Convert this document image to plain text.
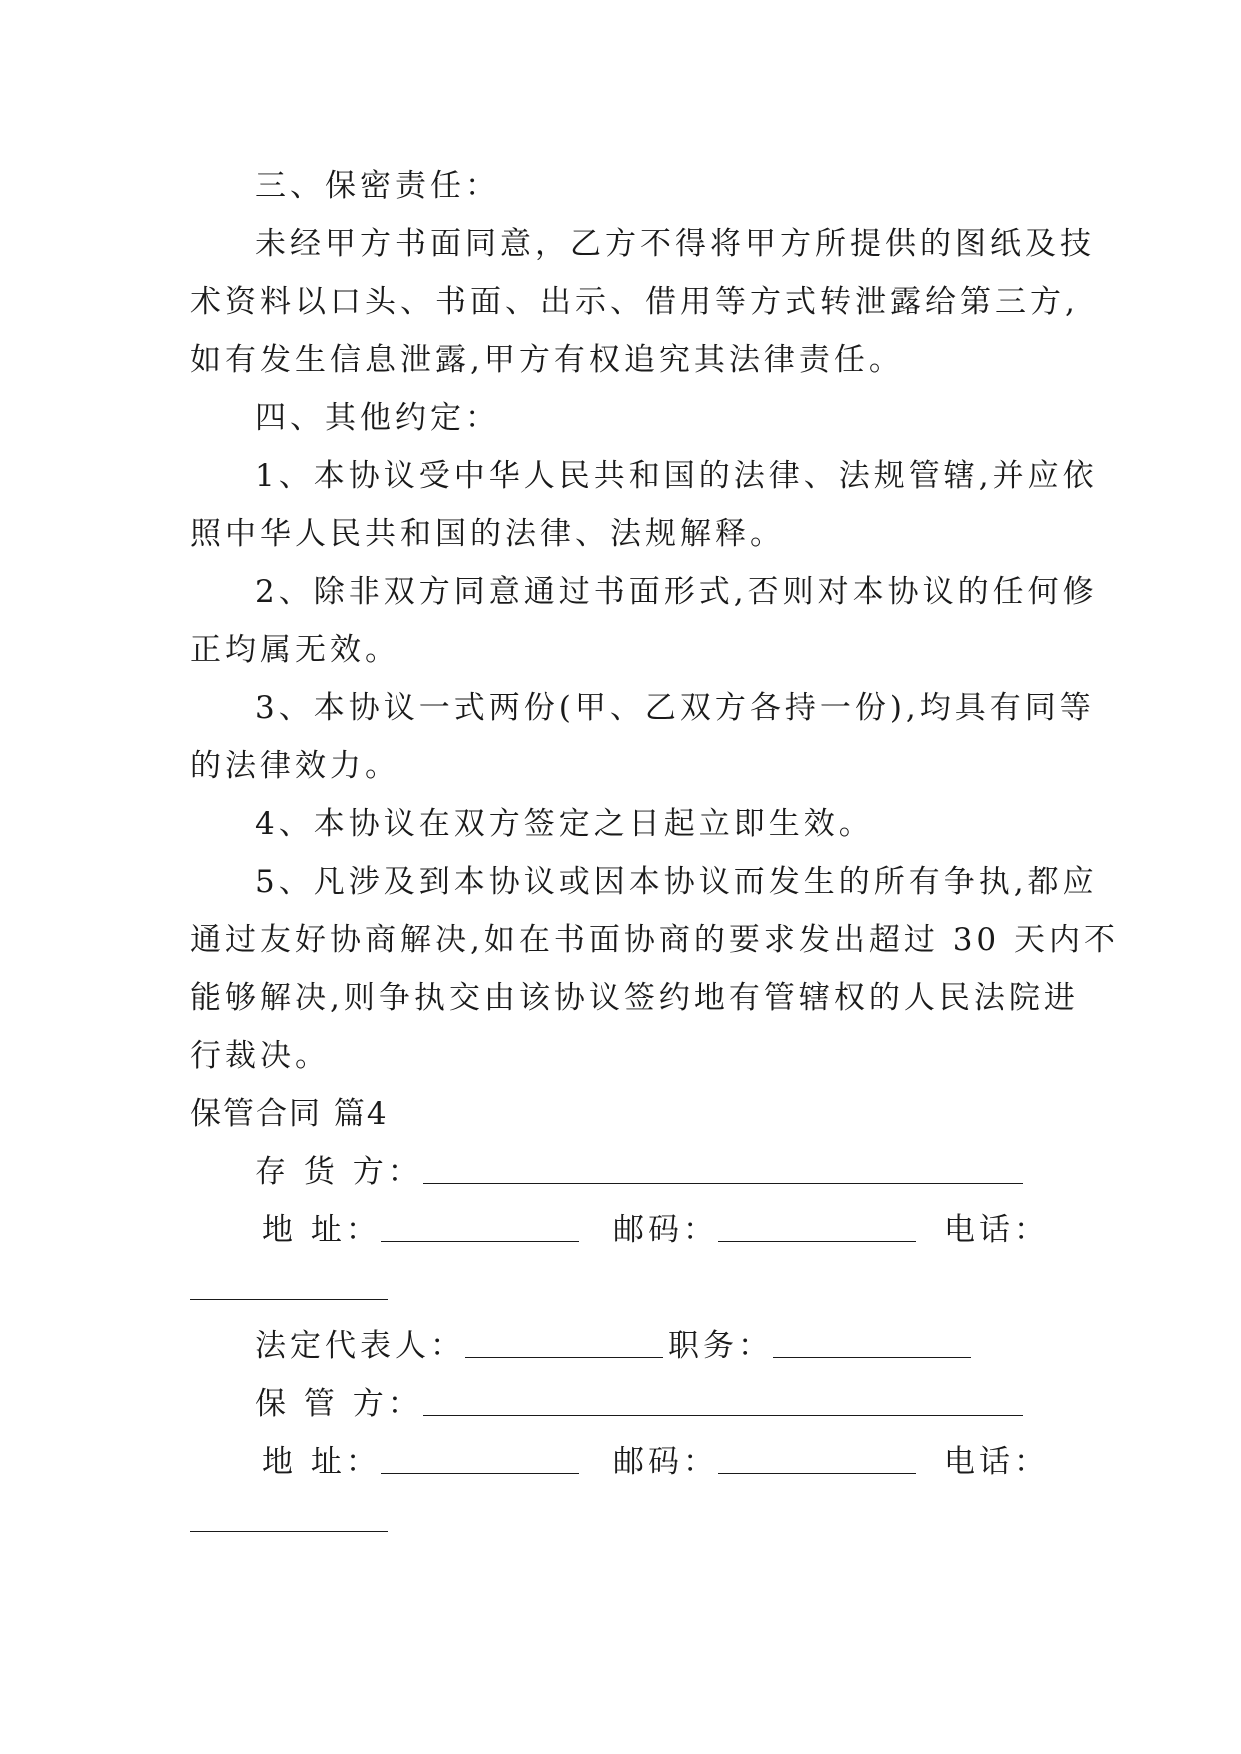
三、保密责任：
未经甲方书面同意，乙方不得将甲方所提供的图纸及技
术资料以口头、书面、出示、借用等方式转泄露给第三方,
如有发生信息泄露,甲方有权追究其法律责任。
四、其他约定：
1、本协议受中华人民共和国的法律、法规管辖,并应依
照中华人民共和国的法律、法规解释。
2、除非双方同意通过书面形式,否则对本协议的任何修
正均属无效。
3、本协议一式两份(甲、乙双方各持一份),均具有同等
的法律效力。
4、本协议在双方签定之日起立即生效。
5、凡涉及到本协议或因本协议而发生的所有争执,都应
通过友好协商解决,如在书面协商的要求发出超过 30 天内不
能够解决,则争执交由该协议签约地有管辖权的人民法院进
行裁决。
保管合同 篇4
存 货 方：
地 址：	邮码：	电话：
法定代表人：	职务：
保 管 方：
地 址：	邮码：	电话：
